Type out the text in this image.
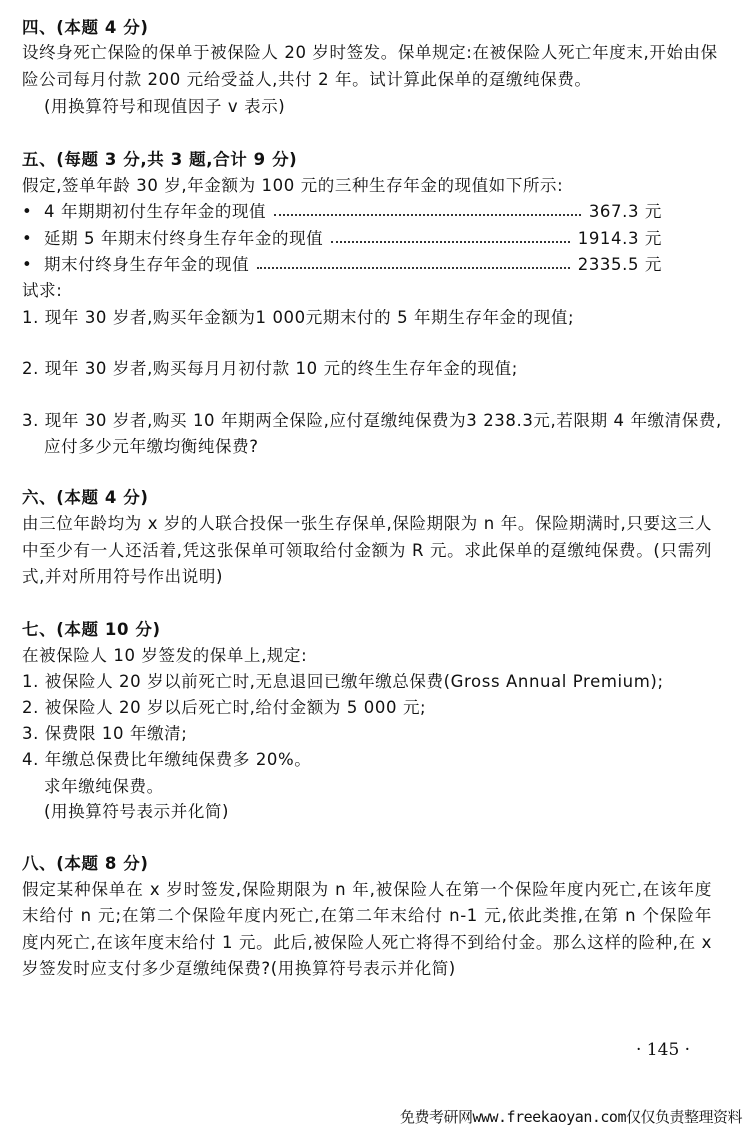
四、(本题 4 分)
设终身死亡保险的保单于被保险人 20 岁时签发。保单规定:在被保险人死亡年度末,开始由保
险公司每月付款 200 元给受益人,共付 2 年。试计算此保单的趸缴纯保费。
(用换算符号和现值因子 v 表示)
五、(每题 3 分,共 3 题,合计 9 分)
假定,签单年龄 30 岁,年金额为 100 元的三种生存年金的现值如下所示:
• 4 年期期初付生存年金的现值	367.3 元
• 延期 5 年期末付终身生存年金的现值	1914.3 元
• 期末付终身生存年金的现值	2335.5 元
试求:
1. 现年 30 岁者,购买年金额为1 000元期末付的 5 年期生存年金的现值;
2. 现年 30 岁者,购买每月月初付款 10 元的终生生存年金的现值;
3. 现年 30 岁者,购买 10 年期两全保险,应付趸缴纯保费为3 238.3元,若限期 4 年缴清保费,
应付多少元年缴均衡纯保费?
六、(本题 4 分)
由三位年龄均为 x 岁的人联合投保一张生存保单,保险期限为 n 年。保险期满时,只要这三人
中至少有一人还活着,凭这张保单可领取给付金额为 R 元。求此保单的趸缴纯保费。(只需列
式,并对所用符号作出说明)
七、(本题 10 分)
在被保险人 10 岁签发的保单上,规定:
1. 被保险人 20 岁以前死亡时,无息退回已缴年缴总保费(Gross Annual Premium);
2. 被保险人 20 岁以后死亡时,给付金额为 5 000 元;
3. 保费限 10 年缴清;
4. 年缴总保费比年缴纯保费多 20%。
求年缴纯保费。
(用换算符号表示并化简)
八、(本题 8 分)
假定某种保单在 x 岁时签发,保险期限为 n 年,被保险人在第一个保险年度内死亡,在该年度
末给付 n 元;在第二个保险年度内死亡,在第二年末给付 n-1 元,依此类推,在第 n 个保险年
度内死亡,在该年度末给付 1 元。此后,被保险人死亡将得不到给付金。那么这样的险种,在 x
岁签发时应支付多少趸缴纯保费?(用换算符号表示并化简)
· 145 ·
免费考研网www.freekaoyan.com仅仅负责整理资料
